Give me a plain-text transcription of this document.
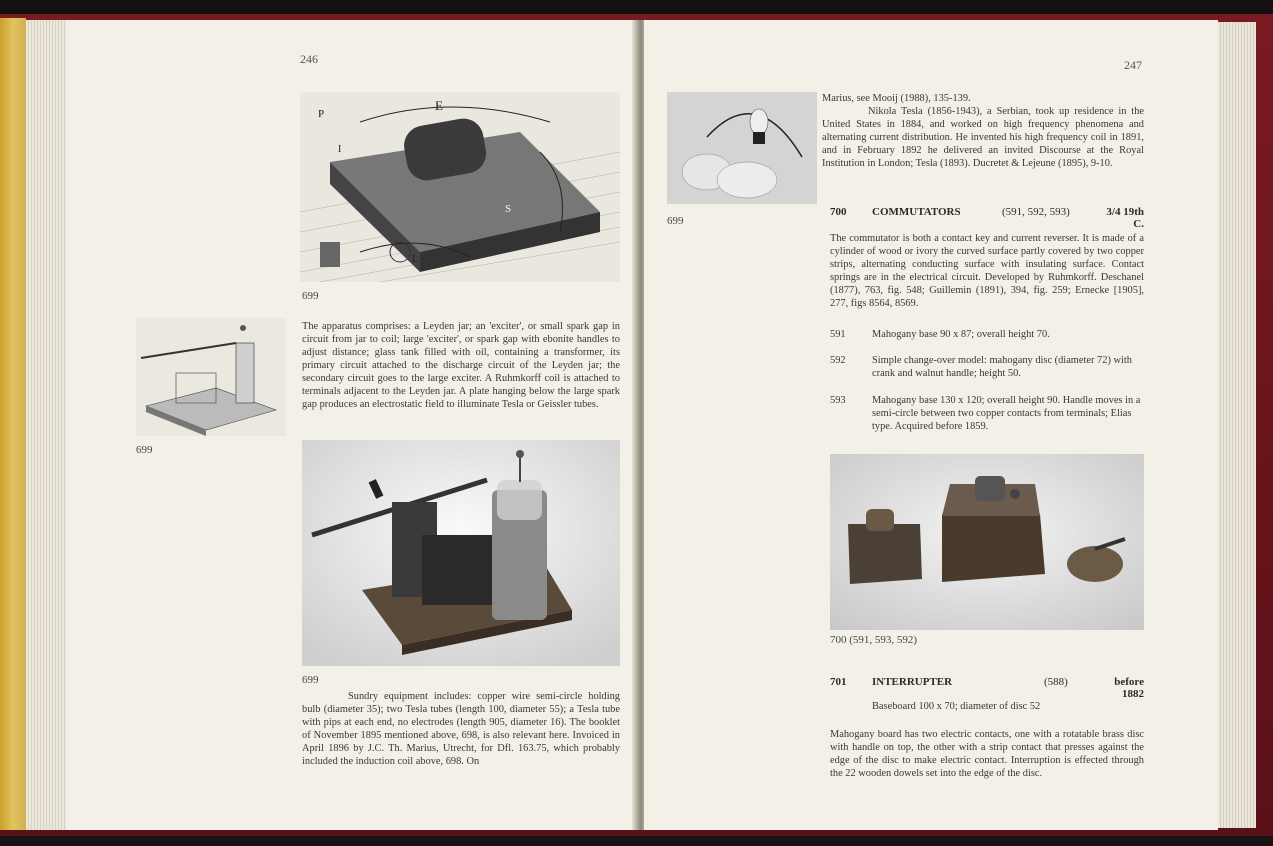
246
E
P
I
S
L
699
699
The apparatus comprises: a Leyden jar; an 'exciter', or small spark gap in circuit from jar to coil; large 'exciter', or spark gap with ebonite handles to adjust distance; glass tank filled with oil, containing a transformer, its primary circuit attached to the discharge circuit of the Leyden jar; the secondary circuit goes to the large exciter. A Ruhmkorff coil is attached to terminals adjacent to the Leyden jar. A plate hanging below the large spark gap produces an electrostatic field to illuminate Tesla or Geissler tubes.
699
Sundry equipment includes: copper wire semi-circle holding bulb (diameter 35); two Tesla tubes (length 100, diameter 55); a Tesla tube with pips at each end, no electrodes (length 905, diameter 16). The booklet of November 1895 mentioned above, 698, is also relevant here. Invoiced in April 1896 by J.C. Th. Marius, Utrecht, for Dfl. 163.75, which probably included the induction coil above, 698. On
247
699
Marius, see Mooij (1988), 135-139.
Nikola Tesla (1856-1943), a Serbian, took up residence in the United States in 1884, and worked on high frequency phenomena and alternating current distribution. He invented his high frequency coil in 1891, and in February 1892 he delivered an invited Discourse at the Royal Institution in London; Tesla (1893). Ducretet & Lejeune (1895), 9-10.
700	COMMUTATORS	(591, 592, 593)	3/4 19th C.
The commutator is both a contact key and current reverser. It is made of a cylinder of wood or ivory the curved surface partly covered by two copper strips, alternating conducting surface with insulating surface. Contact springs are in the electrical circuit. Developed by Ruhmkorff. Deschanel (1877), 763, fig. 548; Guillemin (1891), 394, fig. 259; Ernecke [1905], 277, figs 8564, 8569.
591	Mahogany base 90 x 87; overall height 70.
592	Simple change-over model: mahogany disc (diameter 72) with crank and walnut handle; height 50.
593	Mahogany base 130 x 120; overall height 90. Handle moves in a semi-circle between two copper contacts from terminals; Elias type. Acquired before 1859.
700 (591, 593, 592)
701	INTERRUPTER	(588)	before 1882
Baseboard 100 x 70; diameter of disc 52
Mahogany board has two electric contacts, one with a rotatable brass disc with handle on top, the other with a strip contact that presses against the edge of the disc to make electric contact. Interruption is effected through the 22 wooden dowels set into the edge of the disc.
